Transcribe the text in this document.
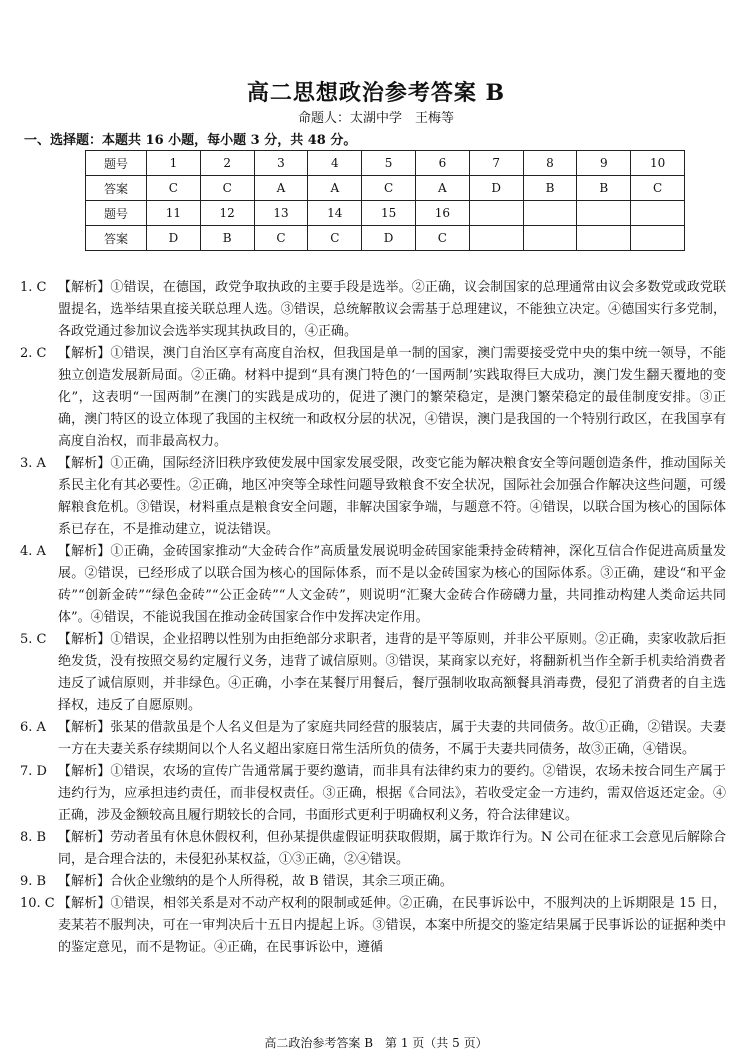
高二思想政治参考答案 B
命题人：太湖中学　王梅等
一、选择题：本题共 16 小题，每小题 3 分，共 48 分。
题号	1	2	3	4	5	6	7	8	9	10
答案	C	C	A	A	C	A	D	B	B	C
题号	11	12	13	14	15	16				
答案	D	B	C	C	D	C				
1. C 【解析】①错误，在德国，政党争取执政的主要手段是选举。②正确，议会制国家的总理通常由议会多数党或政党联盟提名，选举结果直接关联总理人选。③错误，总统解散议会需基于总理建议，不能独立决定。④德国实行多党制，各政党通过参加议会选举实现其执政目的，④正确。
2. C 【解析】①错误，澳门自治区享有高度自治权，但我国是单一制的国家，澳门需要接受党中央的集中统一领导，不能独立创造发展新局面。②正确。材料中提到“具有澳门特色的‘一国两制’实践取得巨大成功，澳门发生翻天覆地的变化”，这表明“一国两制”在澳门的实践是成功的，促进了澳门的繁荣稳定，是澳门繁荣稳定的最佳制度安排。③正确，澳门特区的设立体现了我国的主权统一和政权分层的状况，④错误，澳门是我国的一个特别行政区，在我国享有高度自治权，而非最高权力。
3. A 【解析】①正确，国际经济旧秩序致使发展中国家发展受限，改变它能为解决粮食安全等问题创造条件，推动国际关系民主化有其必要性。②正确，地区冲突等全球性问题导致粮食不安全状况，国际社会加强合作解决这些问题，可缓解粮食危机。③错误，材料重点是粮食安全问题，非解决国家争端，与题意不符。④错误，以联合国为核心的国际体系已存在，不是推动建立，说法错误。
4. A 【解析】①正确，金砖国家推动“大金砖合作”高质量发展说明金砖国家能秉持金砖精神，深化互信合作促进高质量发展。②错误，已经形成了以联合国为核心的国际体系，而不是以金砖国家为核心的国际体系。③正确，建设“和平金砖”“创新金砖”“绿色金砖”“公正金砖”“人文金砖”，则说明“汇聚大金砖合作磅礴力量，共同推动构建人类命运共同体”。④错误，不能说我国在推动金砖国家合作中发挥决定作用。
5. C 【解析】①错误，企业招聘以性别为由拒绝部分求职者，违背的是平等原则，并非公平原则。②正确，卖家收款后拒绝发货，没有按照交易约定履行义务，违背了诚信原则。③错误，某商家以充好，将翻新机当作全新手机卖给消费者违反了诚信原则，并非绿色。④正确，小李在某餐厅用餐后，餐厅强制收取高额餐具消毒费，侵犯了消费者的自主选择权，违反了自愿原则。
6. A 【解析】张某的借款虽是个人名义但是为了家庭共同经营的服装店，属于夫妻的共同债务。故①正确，②错误。夫妻一方在夫妻关系存续期间以个人名义超出家庭日常生活所负的债务，不属于夫妻共同债务，故③正确，④错误。
7. D 【解析】①错误，农场的宣传广告通常属于要约邀请，而非具有法律约束力的要约。②错误，农场未按合同生产属于违约行为，应承担违约责任，而非侵权责任。③正确，根据《合同法》，若收受定金一方违约，需双倍返还定金。④正确，涉及金额较高且履行期较长的合同，书面形式更利于明确权利义务，符合法律建议。
8. B 【解析】劳动者虽有休息休假权利，但孙某提供虚假证明获取假期，属于欺诈行为。N 公司在征求工会意见后解除合同，是合理合法的，未侵犯孙某权益，①③正确，②④错误。
9. B 【解析】合伙企业缴纳的是个人所得税，故 B 错误，其余三项正确。
10. C 【解析】①错误，相邻关系是对不动产权利的限制或延伸。②正确，在民事诉讼中，不服判决的上诉期限是 15 日，麦某若不服判决，可在一审判决后十五日内提起上诉。③错误，本案中所提交的鉴定结果属于民事诉讼的证据种类中的鉴定意见，而不是物证。④正确，在民事诉讼中，遵循
高二政治参考答案 B　第 1 页（共 5 页）
